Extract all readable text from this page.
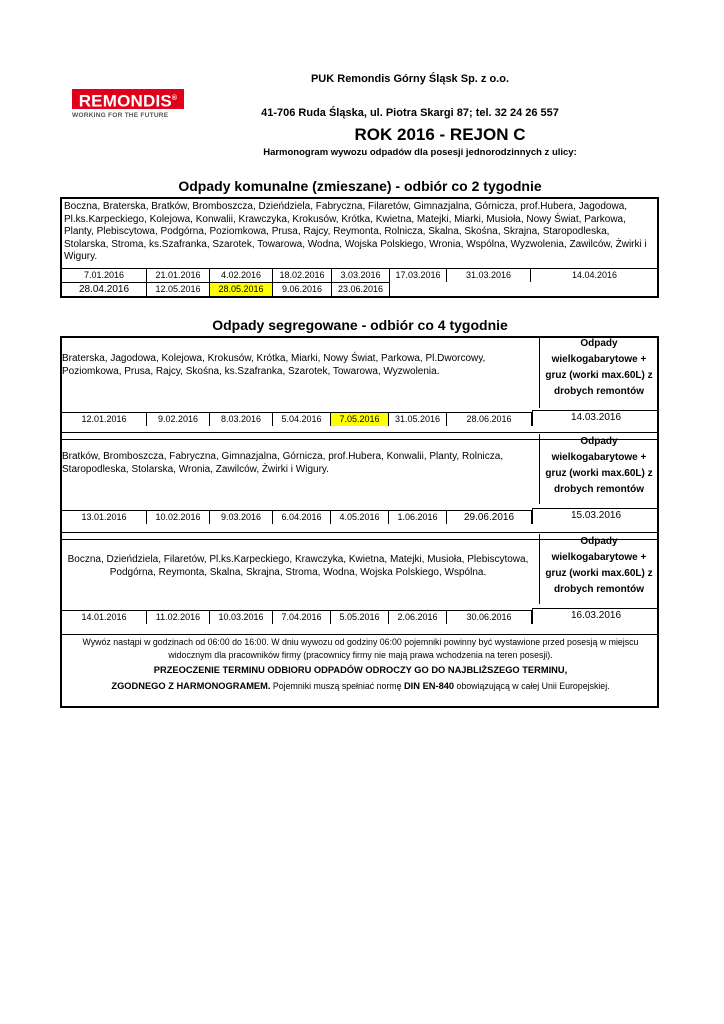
REMONDIS®
WORKING FOR THE FUTURE
PUK Remondis Górny Śląsk Sp. z o.o.
41-706 Ruda Śląska, ul. Piotra Skargi 87; tel. 32 24 26 557
ROK 2016 - REJON C
Harmonogram wywozu odpadów dla posesji jednorodzinnych z ulicy:
Odpady komunalne (zmieszane) - odbiór co 2 tygodnie
Boczna, Braterska, Bratków, Bromboszcza, Dzieńdziela, Fabryczna, Filaretów, Gimnazjalna, Górnicza, prof.Hubera, Jagodowa, Pl.ks.Karpeckiego, Kolejowa, Konwalii, Krawczyka, Krokusów, Krótka, Kwietna, Matejki, Miarki, Musioła, Nowy Świat, Parkowa, Planty, Plebiscytowa, Podgórna, Poziomkowa, Prusa, Rajcy, Reymonta, Rolnicza, Skalna, Skośna, Skrajna, Staropodleska, Stolarska, Stroma, ks.Szafranka, Szarotek, Towarowa, Wodna, Wojska Polskiego, Wronia, Wspólna, Wyzwolenia, Zawilców, Żwirki i Wigury.
7.01.2016	21.01.2016	4.02.2016	18.02.2016	3.03.2016	17.03.2016	31.03.2016	14.04.2016
28.04.2016	12.05.2016	28.05.2016	9.06.2016	23.06.2016
Odpady segregowane - odbiór co 4 tygodnie
Braterska, Jagodowa, Kolejowa, Krokusów, Krótka, Miarki, Nowy Świat, Parkowa, Pl.Dworcowy, Poziomkowa, Prusa, Rajcy, Skośna, ks.Szafranka, Szarotek, Towarowa, Wyzwolenia.
Odpady wielkogabarytowe + gruz (worki max.60L) z drobych remontów
12.01.2016	9.02.2016	8.03.2016	5.04.2016	7.05.2016	31.05.2016	28.06.2016	14.03.2016
Bratków, Bromboszcza, Fabryczna, Gimnazjalna, Górnicza, prof.Hubera, Konwalii, Planty, Rolnicza, Staropodleska, Stolarska, Wronia, Zawilców, Żwirki i Wigury.
Odpady wielkogabarytowe + gruz (worki max.60L) z drobych remontów
13.01.2016	10.02.2016	9.03.2016	6.04.2016	4.05.2016	1.06.2016	29.06.2016	15.03.2016
Boczna, Dzieńdziela, Filaretów, Pl.ks.Karpeckiego, Krawczyka, Kwietna, Matejki, Musioła, Plebiscytowa, Podgórna, Reymonta, Skalna, Skrajna, Stroma, Wodna, Wojska Polskiego, Wspólna.
Odpady wielkogabarytowe + gruz (worki max.60L) z drobych remontów
14.01.2016	11.02.2016	10.03.2016	7.04.2016	5.05.2016	2.06.2016	30.06.2016	16.03.2016
Wywóz nastąpi w godzinach od 06:00 do 16:00. W dniu wywozu od godziny 06:00 pojemniki powinny być wystawione przed posesją w miejscu widocznym dla pracowników firmy (pracownicy firmy nie mają prawa wchodzenia na teren posesji).
PRZEOCZENIE TERMINU ODBIORU ODPADÓW ODROCZY GO DO NAJBLIŻSZEGO TERMINU,
ZGODNEGO Z HARMONOGRAMEM. Pojemniki muszą spełniać normę DIN EN-840 obowiązującą w całej Unii Europejskiej.
